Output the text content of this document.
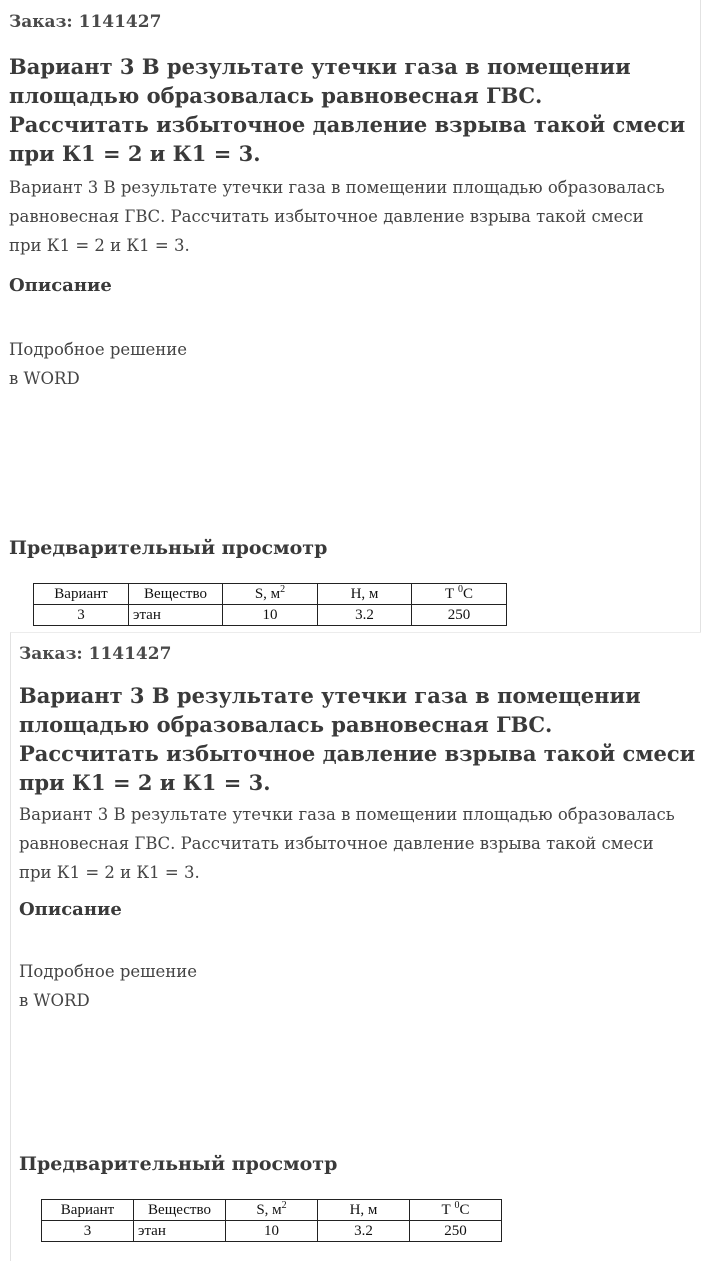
Заказ: 1141427
Вариант 3 В результате утечки газа в помещении площадью образовалась равновесная ГВС. Рассчитать избыточное давление взрыва такой смеси при К1 = 2 и К1 = 3.

Вариант 3 В результате утечки газа в помещении площадью образовалась равновесная ГВС. Рассчитать избыточное давление взрыва такой смеси при К1 = 2 и К1 = 3.

Описание
Подробное решение
в WORD
Предварительный просмотр
Вариант	Вещество	S, $м^2$	Н, м	Т $^0$С
3	этан	10	3.2	250
Заказ: 1141427
Вариант 3 В результате утечки газа в помещении площадью образовалась равновесная ГВС. Рассчитать избыточное давление взрыва такой смеси при К1 = 2 и К1 = 3.

Вариант 3 В результате утечки газа в помещении площадью образовалась равновесная ГВС. Рассчитать избыточное давление взрыва такой смеси при К1 = 2 и К1 = 3.

Описание
Подробное решение
в WORD
Предварительный просмотр
Вариант	Вещество	S, $м^2$	Н, м	Т $^0$С
3	этан	10	3.2	250
